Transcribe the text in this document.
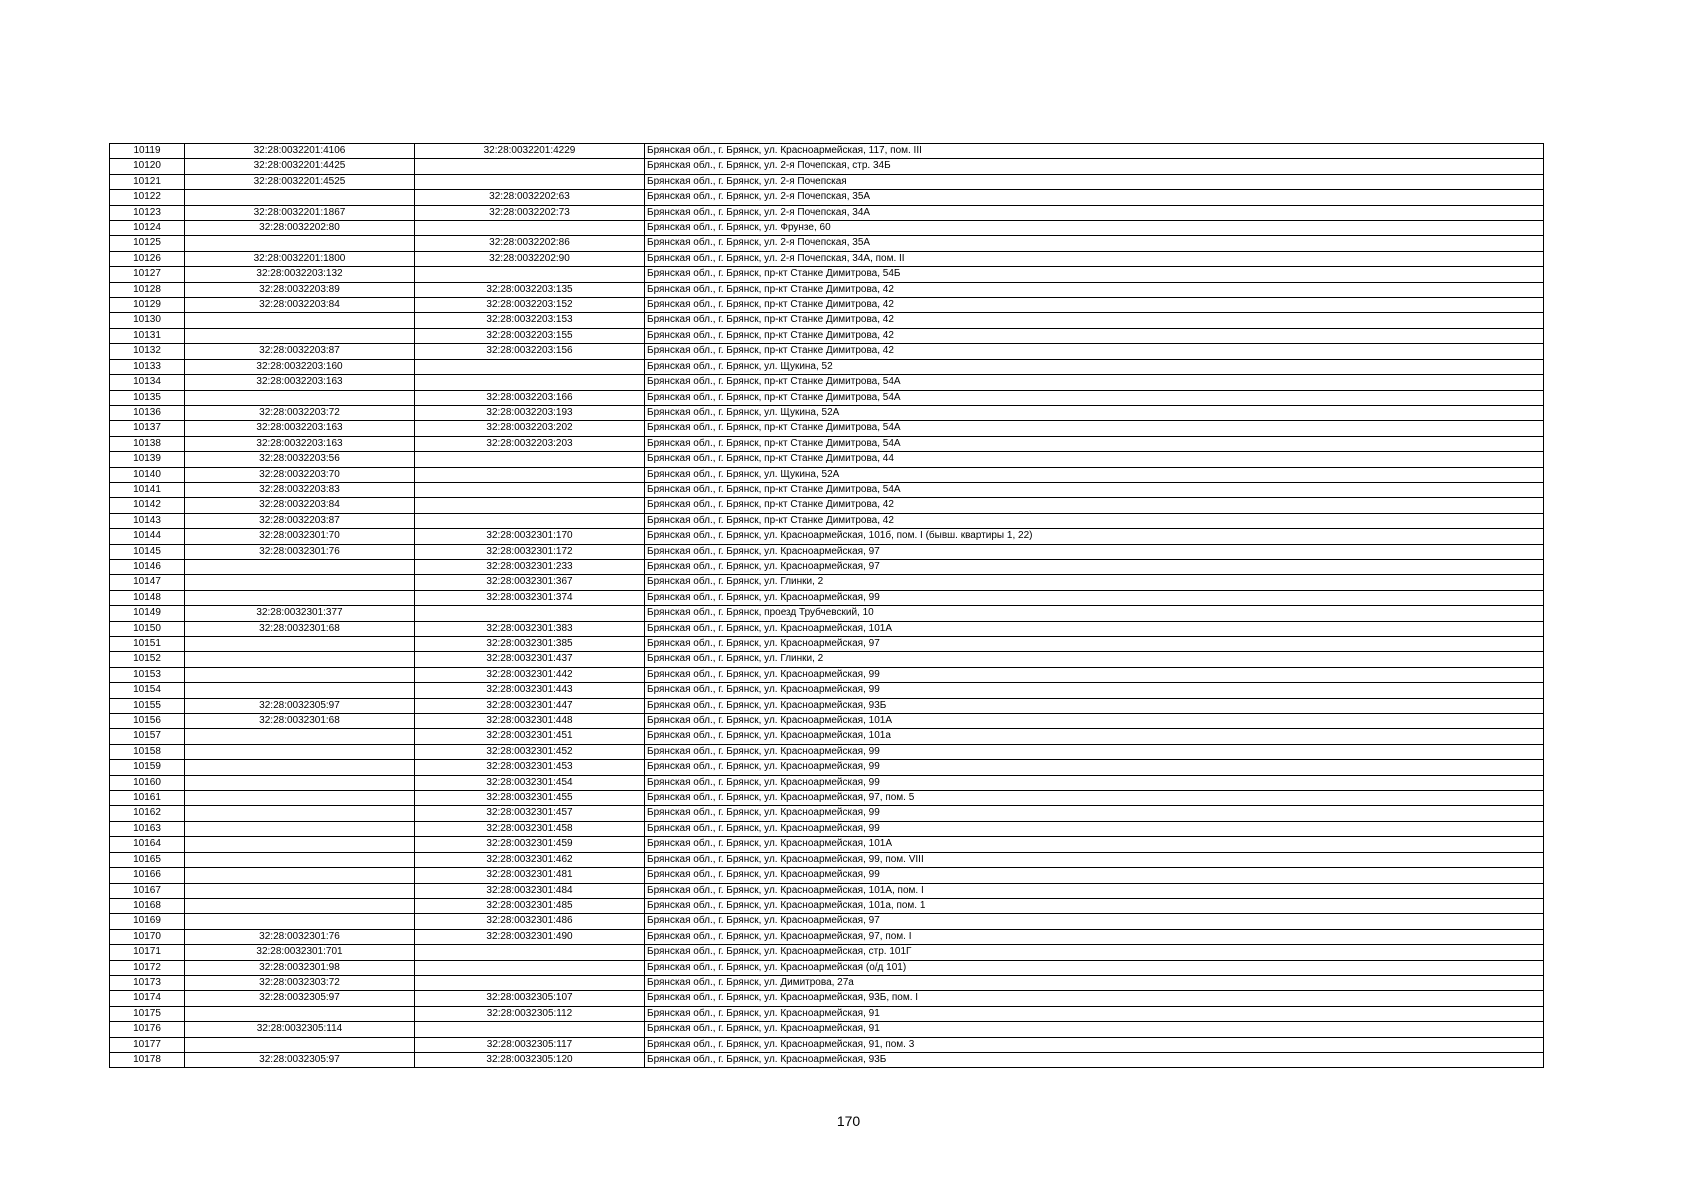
10119	32:28:0032201:4106	32:28:0032201:4229	Брянская обл., г. Брянск, ул. Красноармейская, 117, пом. III
10120	32:28:0032201:4425		Брянская обл., г. Брянск, ул. 2-я Почепская, стр. 34Б
10121	32:28:0032201:4525		Брянская обл., г. Брянск, ул. 2-я Почепская
10122		32:28:0032202:63	Брянская обл., г. Брянск, ул. 2-я Почепская, 35А
10123	32:28:0032201:1867	32:28:0032202:73	Брянская обл., г. Брянск, ул. 2-я Почепская, 34А
10124	32:28:0032202:80		Брянская обл., г. Брянск, ул. Фрунзе, 60
10125		32:28:0032202:86	Брянская обл., г. Брянск, ул. 2-я Почепская, 35А
10126	32:28:0032201:1800	32:28:0032202:90	Брянская обл., г. Брянск, ул. 2-я Почепская, 34А, пом. II
10127	32:28:0032203:132		Брянская обл., г. Брянск, пр-кт Станке Димитрова, 54Б
10128	32:28:0032203:89	32:28:0032203:135	Брянская обл., г. Брянск, пр-кт Станке Димитрова, 42
10129	32:28:0032203:84	32:28:0032203:152	Брянская обл., г. Брянск, пр-кт Станке Димитрова, 42
10130		32:28:0032203:153	Брянская обл., г. Брянск, пр-кт Станке Димитрова, 42
10131		32:28:0032203:155	Брянская обл., г. Брянск, пр-кт Станке Димитрова, 42
10132	32:28:0032203:87	32:28:0032203:156	Брянская обл., г. Брянск, пр-кт Станке Димитрова, 42
10133	32:28:0032203:160		Брянская обл., г. Брянск, ул. Щукина, 52
10134	32:28:0032203:163		Брянская обл., г. Брянск, пр-кт Станке Димитрова, 54А
10135		32:28:0032203:166	Брянская обл., г. Брянск, пр-кт Станке Димитрова, 54А
10136	32:28:0032203:72	32:28:0032203:193	Брянская обл., г. Брянск, ул. Щукина, 52А
10137	32:28:0032203:163	32:28:0032203:202	Брянская обл., г. Брянск, пр-кт Станке Димитрова, 54А
10138	32:28:0032203:163	32:28:0032203:203	Брянская обл., г. Брянск, пр-кт Станке Димитрова, 54А
10139	32:28:0032203:56		Брянская обл., г. Брянск, пр-кт Станке Димитрова, 44
10140	32:28:0032203:70		Брянская обл., г. Брянск, ул. Щукина, 52А
10141	32:28:0032203:83		Брянская обл., г. Брянск, пр-кт Станке Димитрова, 54А
10142	32:28:0032203:84		Брянская обл., г. Брянск, пр-кт Станке Димитрова, 42
10143	32:28:0032203:87		Брянская обл., г. Брянск, пр-кт Станке Димитрова, 42
10144	32:28:0032301:70	32:28:0032301:170	Брянская обл., г. Брянск, ул. Красноармейская, 101б, пом. I (бывш. квартиры 1, 22)
10145	32:28:0032301:76	32:28:0032301:172	Брянская обл., г. Брянск, ул. Красноармейская, 97
10146		32:28:0032301:233	Брянская обл., г. Брянск, ул. Красноармейская, 97
10147		32:28:0032301:367	Брянская обл., г. Брянск, ул. Глинки, 2
10148		32:28:0032301:374	Брянская обл., г. Брянск, ул. Красноармейская, 99
10149	32:28:0032301:377		Брянская обл., г. Брянск, проезд Трубчевский, 10
10150	32:28:0032301:68	32:28:0032301:383	Брянская обл., г. Брянск, ул. Красноармейская, 101А
10151		32:28:0032301:385	Брянская обл., г. Брянск, ул. Красноармейская, 97
10152		32:28:0032301:437	Брянская обл., г. Брянск, ул. Глинки, 2
10153		32:28:0032301:442	Брянская обл., г. Брянск, ул. Красноармейская, 99
10154		32:28:0032301:443	Брянская обл., г. Брянск, ул. Красноармейская, 99
10155	32:28:0032305:97	32:28:0032301:447	Брянская обл., г. Брянск, ул. Красноармейская, 93Б
10156	32:28:0032301:68	32:28:0032301:448	Брянская обл., г. Брянск, ул. Красноармейская, 101А
10157		32:28:0032301:451	Брянская обл., г. Брянск, ул. Красноармейская, 101а
10158		32:28:0032301:452	Брянская обл., г. Брянск, ул. Красноармейская, 99
10159		32:28:0032301:453	Брянская обл., г. Брянск, ул. Красноармейская, 99
10160		32:28:0032301:454	Брянская обл., г. Брянск, ул. Красноармейская, 99
10161		32:28:0032301:455	Брянская обл., г. Брянск, ул. Красноармейская, 97, пом. 5
10162		32:28:0032301:457	Брянская обл., г. Брянск, ул. Красноармейская, 99
10163		32:28:0032301:458	Брянская обл., г. Брянск, ул. Красноармейская, 99
10164		32:28:0032301:459	Брянская обл., г. Брянск, ул. Красноармейская, 101А
10165		32:28:0032301:462	Брянская обл., г. Брянск, ул. Красноармейская, 99, пом. VIII
10166		32:28:0032301:481	Брянская обл., г. Брянск, ул. Красноармейская, 99
10167		32:28:0032301:484	Брянская обл., г. Брянск, ул. Красноармейская, 101А, пом. I
10168		32:28:0032301:485	Брянская обл., г. Брянск, ул. Красноармейская, 101а, пом. 1
10169		32:28:0032301:486	Брянская обл., г. Брянск, ул. Красноармейская, 97
10170	32:28:0032301:76	32:28:0032301:490	Брянская обл., г. Брянск, ул. Красноармейская, 97, пом. I
10171	32:28:0032301:701		Брянская обл., г. Брянск, ул. Красноармейская, стр. 101Г
10172	32:28:0032301:98		Брянская обл., г. Брянск, ул. Красноармейская (о/д 101)
10173	32:28:0032303:72		Брянская обл., г. Брянск, ул. Димитрова, 27а
10174	32:28:0032305:97	32:28:0032305:107	Брянская обл., г. Брянск, ул. Красноармейская, 93Б, пом. I
10175		32:28:0032305:112	Брянская обл., г. Брянск, ул. Красноармейская, 91
10176	32:28:0032305:114		Брянская обл., г. Брянск, ул. Красноармейская, 91
10177		32:28:0032305:117	Брянская обл., г. Брянск, ул. Красноармейская, 91, пом. 3
10178	32:28:0032305:97	32:28:0032305:120	Брянская обл., г. Брянск, ул. Красноармейская, 93Б
170
